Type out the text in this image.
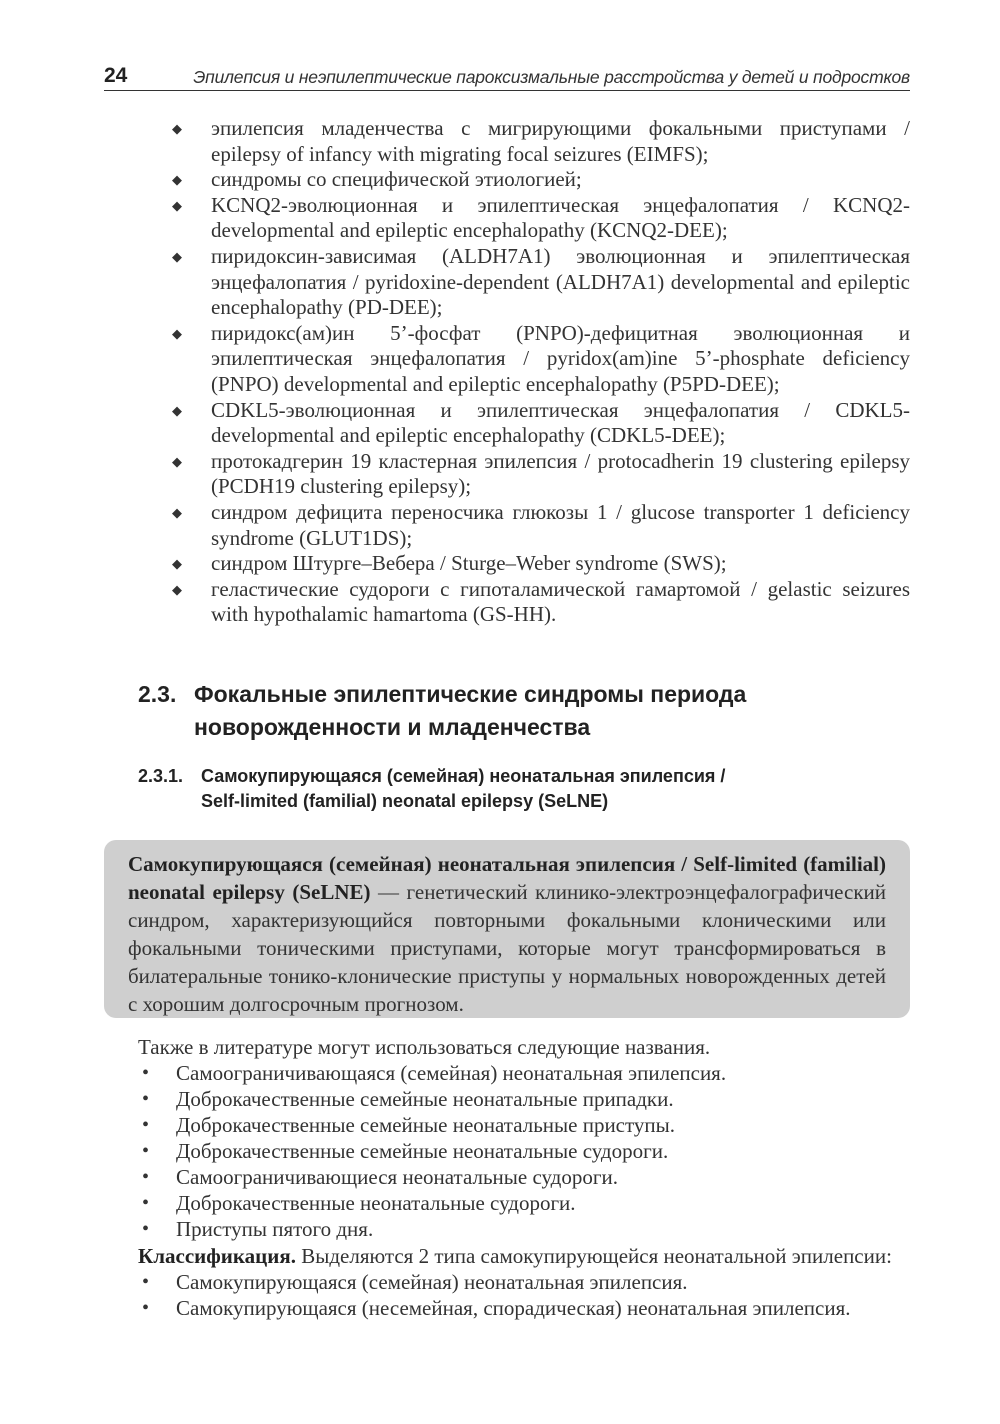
24	Эпилепсия и неэпилептические пароксизмальные расстройства у детей и подростков
◆ эпилепсия младенчества с мигрирующими фокальными приступами / epilepsy of infancy with migrating focal seizures (EIMFS);
◆ синдромы со специфической этиологией;
◆ KCNQ2-эволюционная и эпилептическая энцефалопатия / KCNQ2-developmental and epileptic encephalopathy (KCNQ2-DEE);
◆ пиридоксин-зависимая (ALDH7A1) эволюционная и эпилептическая энцефалопатия / pyridoxine-dependent (ALDH7A1) developmental and epileptic encephalopathy (PD-DEE);
◆ пиридокс(ам)ин 5’-фосфат (PNPO)-дефицитная эволюционная и эпилептическая энцефалопатия / pyridox(am)ine 5’-phosphate deficiency (PNPO) developmental and epileptic encephalopathy (P5PD-DEE);
◆ CDKL5-эволюционная и эпилептическая энцефалопатия / CDKL5-developmental and epileptic encephalopathy (CDKL5-DEE);
◆ протокадгерин 19 кластерная эпилепсия / protocadherin 19 clustering epilepsy (PCDH19 clustering epilepsy);
◆ синдром дефицита переносчика глюкозы 1 / glucose transporter 1 deficiency syndrome (GLUT1DS);
◆ синдром Штурге–Вебера / Sturge–Weber syndrome (SWS);
◆ геластические судороги с гипоталамической гамартомой / gelastic seizures with hypothalamic hamartoma (GS-HH).
2.3. Фокальные эпилептические синдромы периода новорожденности и младенчества
2.3.1. Самокупирующаяся (семейная) неонатальная эпилепсия /
Self-limited (familial) neonatal epilepsy (SeLNE)
Самокупирующаяся (семейная) неонатальная эпилепсия / Self-limited (familial) neonatal epilepsy (SeLNE) — генетический клинико-электроэнцефалографический синдром, характеризующийся повторными фокальными клоническими или фокальными тоническими приступами, которые могут трансформироваться в билатеральные тонико-клонические приступы у нормальных новорожденных детей с хорошим долгосрочным прогнозом.
Также в литературе могут использоваться следующие названия.
• Самоограничивающаяся (семейная) неонатальная эпилепсия.
• Доброкачественные семейные неонатальные припадки.
• Доброкачественные семейные неонатальные приступы.
• Доброкачественные семейные неонатальные судороги.
• Самоограничивающиеся неонатальные судороги.
• Доброкачественные неонатальные судороги.
• Приступы пятого дня.
Классификация. Выделяются 2 типа самокупирующейся неонатальной эпилепсии:
• Самокупирующаяся (семейная) неонатальная эпилепсия.
• Самокупирующаяся (несемейная, спорадическая) неонатальная эпилепсия.
